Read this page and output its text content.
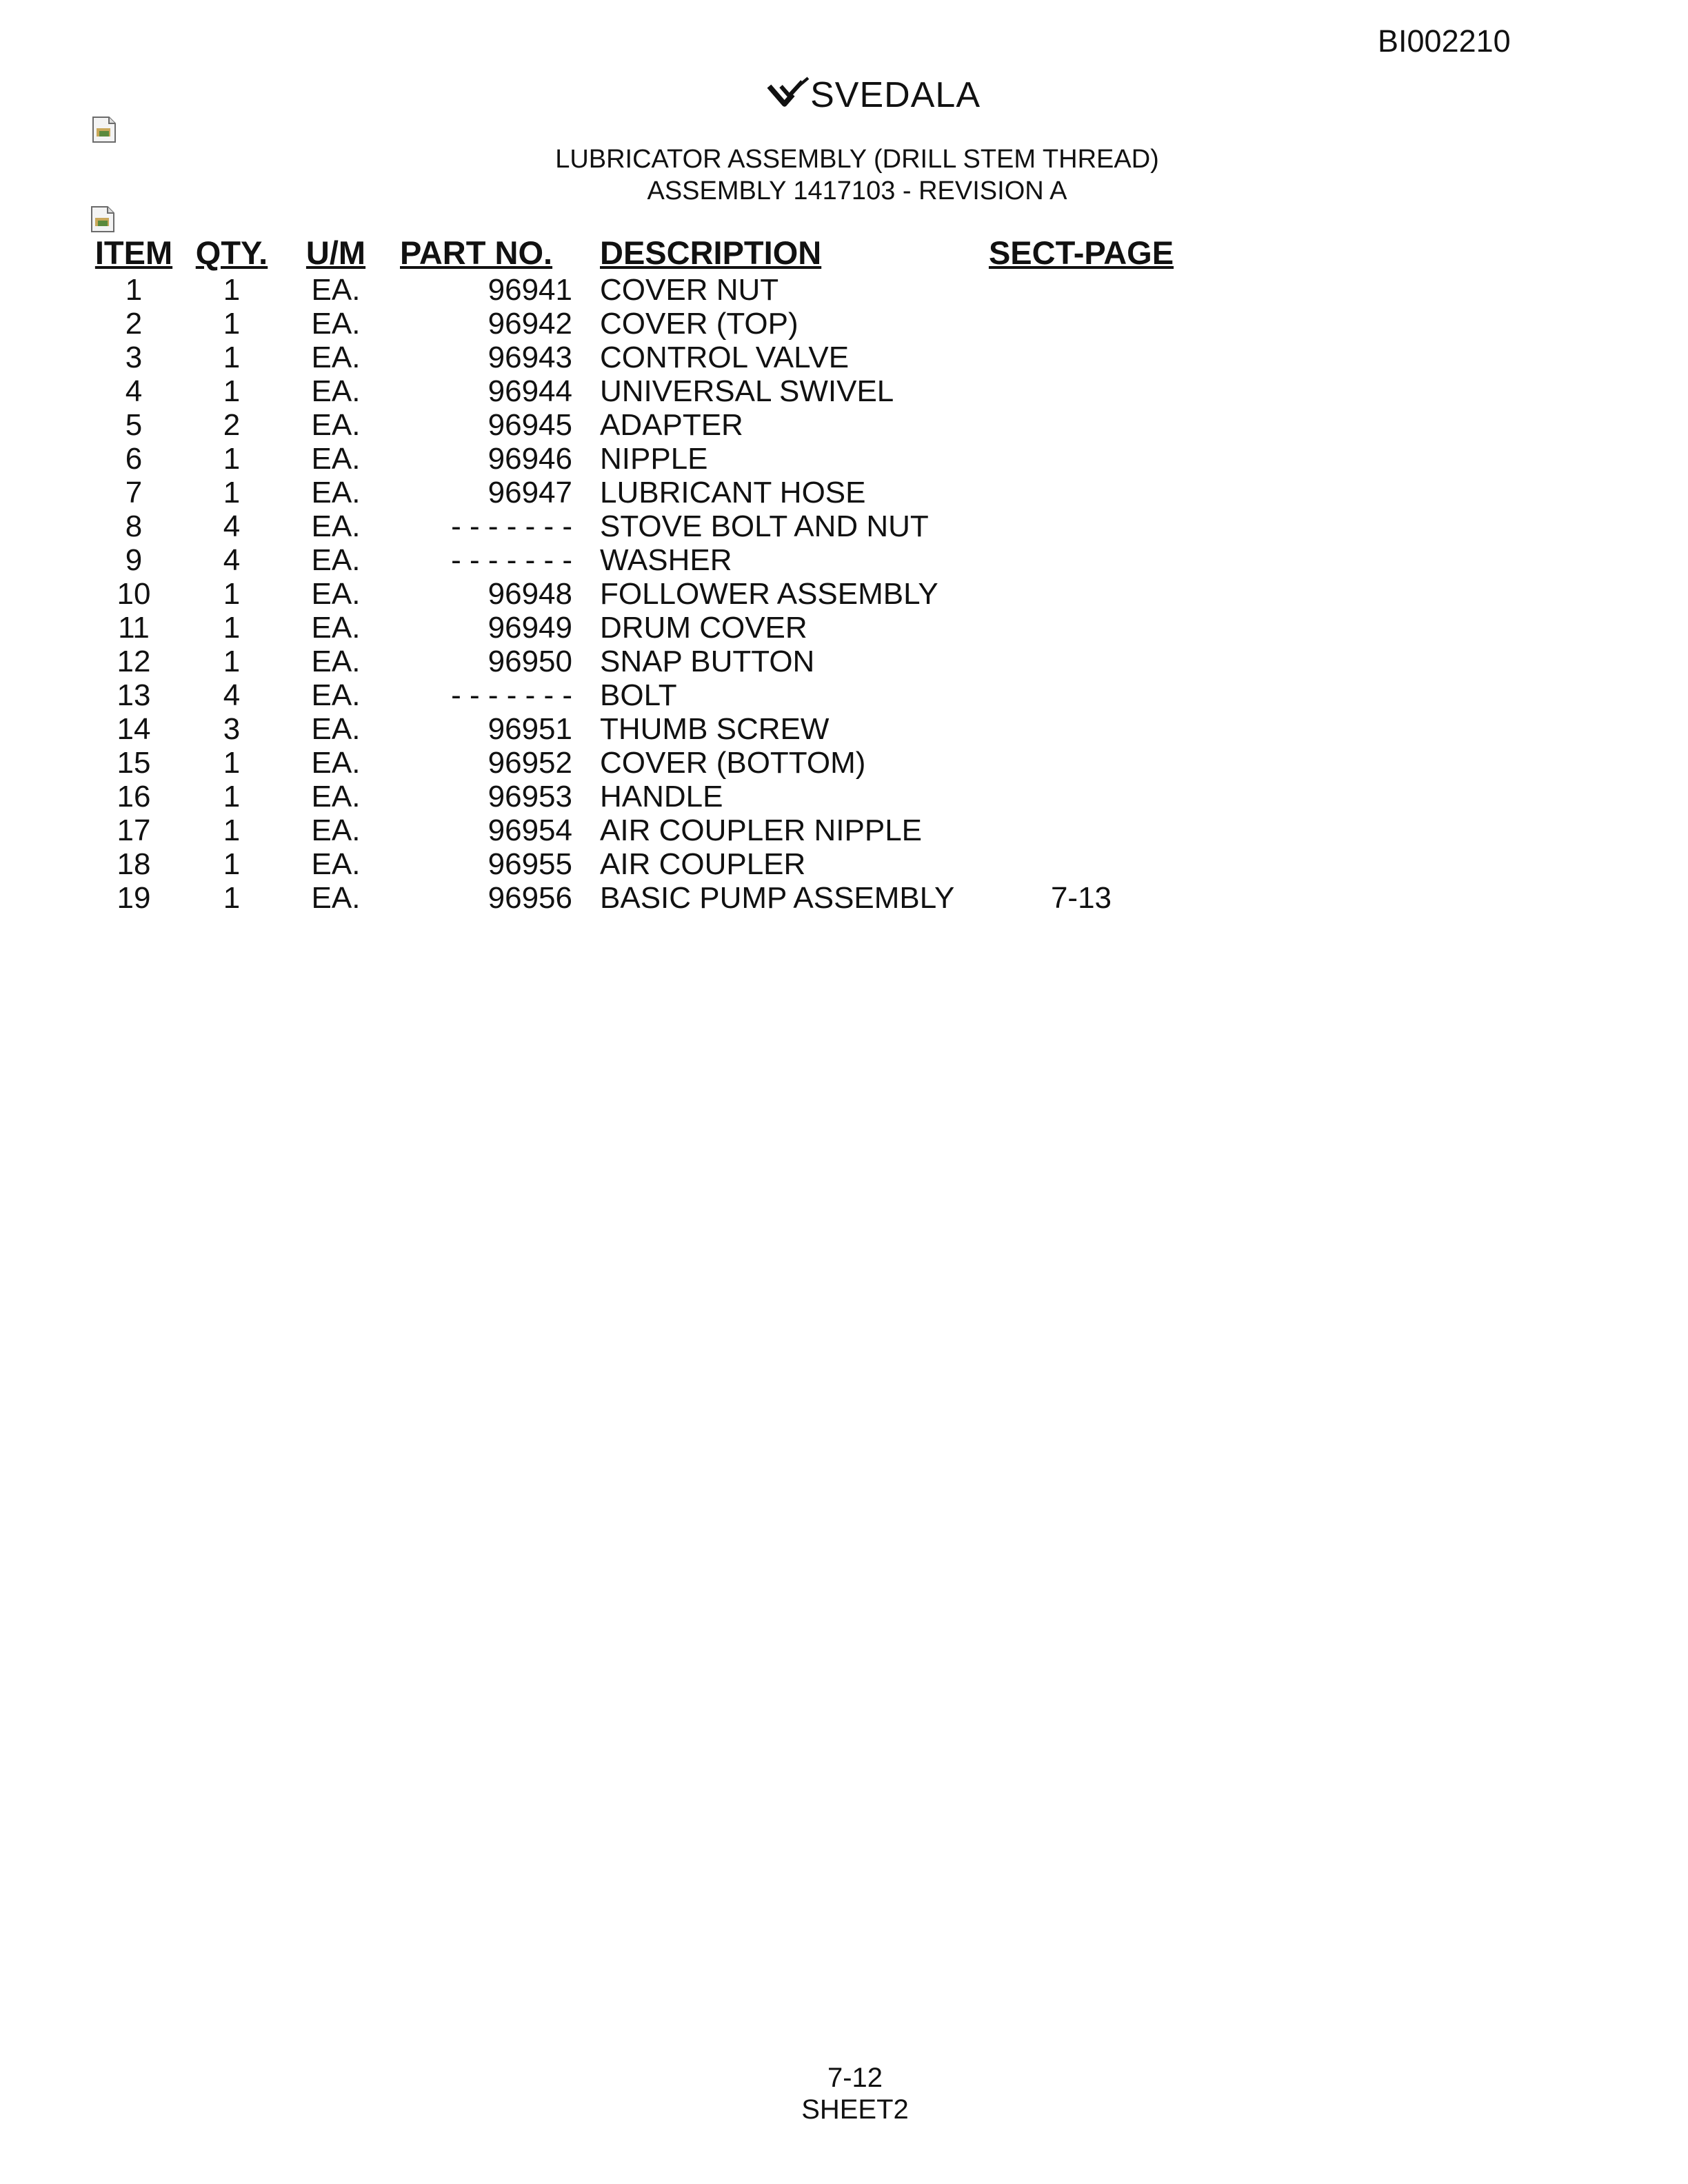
BI002210
SVEDALA
LUBRICATOR ASSEMBLY (DRILL STEM THREAD)
ASSEMBLY 1417103 - REVISION A
ITEM	QTY.	U/M	PART NO.	DESCRIPTION	SECT-PAGE
1	1	EA.	96941	COVER NUT	
2	1	EA.	96942	COVER (TOP)	
3	1	EA.	96943	CONTROL VALVE	
4	1	EA.	96944	UNIVERSAL SWIVEL	
5	2	EA.	96945	ADAPTER	
6	1	EA.	96946	NIPPLE	
7	1	EA.	96947	LUBRICANT HOSE	
8	4	EA.	- - - - - - -	STOVE BOLT AND NUT	
9	4	EA.	- - - - - - -	WASHER	
10	1	EA.	96948	FOLLOWER ASSEMBLY	
11	1	EA.	96949	DRUM COVER	
12	1	EA.	96950	SNAP BUTTON	
13	4	EA.	- - - - - - -	BOLT	
14	3	EA.	96951	THUMB SCREW	
15	1	EA.	96952	COVER (BOTTOM)	
16	1	EA.	96953	HANDLE	
17	1	EA.	96954	AIR COUPLER NIPPLE	
18	1	EA.	96955	AIR COUPLER	
19	1	EA.	96956	BASIC PUMP ASSEMBLY	7-13
7-12
SHEET2
